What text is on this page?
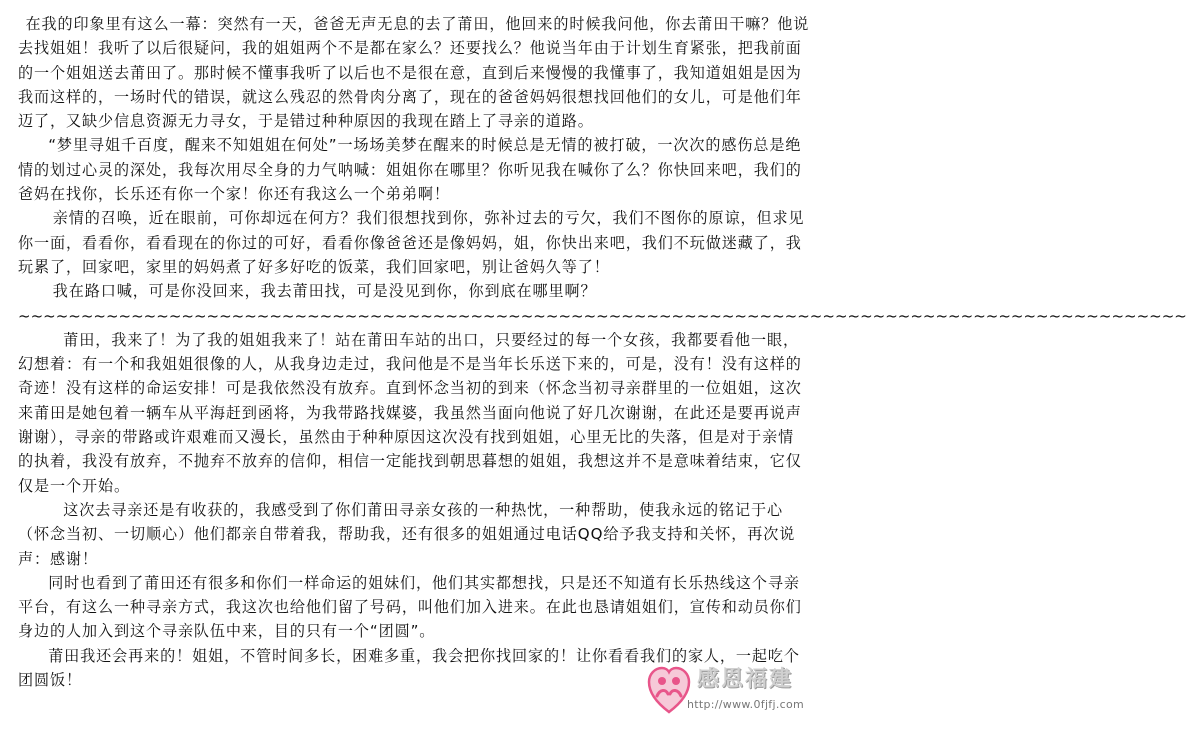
在我的印象里有这么一幕：突然有一天，爸爸无声无息的去了莆田，他回来的时候我问他，你去莆田干嘛？他说去找姐姐！我听了以后很疑问，我的姐姐两个不是都在家么？还要找么？他说当年由于计划生育紧张，把我前面的一个姐姐送去莆田了。那时候不懂事我听了以后也不是很在意，直到后来慢慢的我懂事了，我知道姐姐是因为我而这样的，一场时代的错误，就这么残忍的然骨肉分离了，现在的爸爸妈妈很想找回他们的女儿，可是他们年迈了，又缺少信息资源无力寻女，于是错过种种原因的我现在踏上了寻亲的道路。

“梦里寻姐千百度，醒来不知姐姐在何处”一场场美梦在醒来的时候总是无情的被打破，一次次的感伤总是绝情的划过心灵的深处，我每次用尽全身的力气呐喊：姐姐你在哪里？你听见我在喊你了么？你快回来吧，我们的爸妈在找你，长乐还有你一个家！你还有我这么一个弟弟啊！

亲情的召唤，近在眼前，可你却远在何方？我们很想找到你，弥补过去的亏欠，我们不图你的原谅，但求见你一面，看看你，看看现在的你过的可好，看看你像爸爸还是像妈妈，姐，你快出来吧，我们不玩做迷藏了，我玩累了，回家吧，家里的妈妈煮了好多好吃的饭菜，我们回家吧，别让爸妈久等了！

我在路口喊，可是你没回来，我去莆田找，可是没见到你，你到底在哪里啊？

~~~~~~~~~~~~~~~~~~~~~~~~~~~~~~~~~~~~~~~~~~~~~~~~~~~~~~~~~~~~~~~~~~~~~~~~~~~~~~~~~~~~~~~~~~~~~

莆田，我来了！为了我的姐姐我来了！站在莆田车站的出口，只要经过的每一个女孩，我都要看他一眼，幻想着：有一个和我姐姐很像的人，从我身边走过，我问他是不是当年长乐送下来的，可是，没有！没有这样的奇迹！没有这样的命运安排！可是我依然没有放弃。直到怀念当初的到来（怀念当初寻亲群里的一位姐姐，这次来莆田是她包着一辆车从平海赶到函将，为我带路找媒婆，我虽然当面向他说了好几次谢谢，在此还是要再说声谢谢），寻亲的带路或许艰难而又漫长，虽然由于种种原因这次没有找到姐姐，心里无比的失落，但是对于亲情的执着，我没有放弃，不抛弃不放弃的信仰，相信一定能找到朝思暮想的姐姐，我想这并不是意味着结束，它仅仅是一个开始。

这次去寻亲还是有收获的，我感受到了你们莆田寻亲女孩的一种热忱，一种帮助，使我永远的铭记于心（怀念当初、一切顺心）他们都亲自带着我，帮助我，还有很多的姐姐通过电话QQ给予我支持和关怀，再次说声：感谢！

同时也看到了莆田还有很多和你们一样命运的姐妹们，他们其实都想找，只是还不知道有长乐热线这个寻亲平台，有这么一种寻亲方式，我这次也给他们留了号码，叫他们加入进来。在此也恳请姐姐们，宣传和动员你们身边的人加入到这个寻亲队伍中来，目的只有一个“团圆”。

莆田我还会再来的！姐姐，不管时间多长，困难多重，我会把你找回家的！让你看看我们的家人，一起吃个团圆饭！	感恩福建
http://www.0fjfj.com
